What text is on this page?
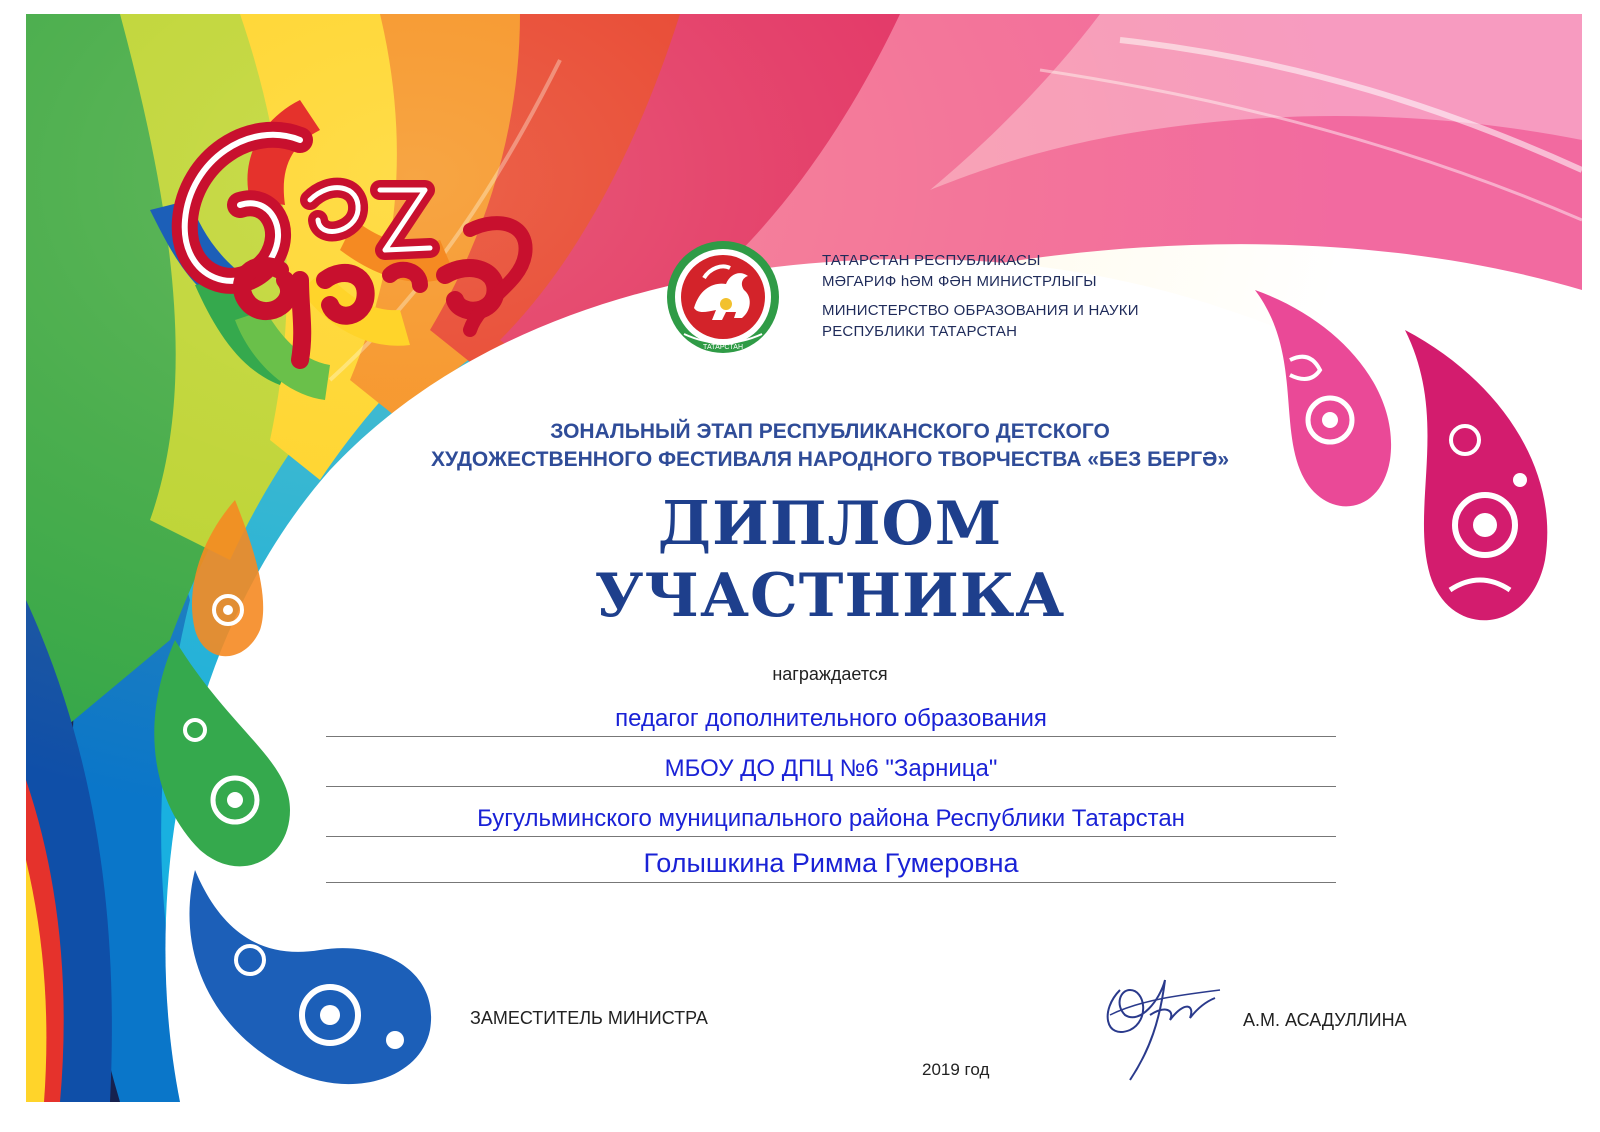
ТАТАРСТАН
ТАТАРСТАН РЕСПУБЛИКАСЫ
МӘГАРИФ һӘМ ФӘН МИНИСТРЛЫГЫ
МИНИСТЕРСТВО ОБРАЗОВАНИЯ И НАУКИ
РЕСПУБЛИКИ ТАТАРСТАН
ЗОНАЛЬНЫЙ ЭТАП РЕСПУБЛИКАНСКОГО ДЕТСКОГО
ХУДОЖЕСТВЕННОГО ФЕСТИВАЛЯ НАРОДНОГО ТВОРЧЕСТВА «БЕЗ БЕРГӘ»
ДИПЛОМ
УЧАСТНИКА
награждается
педагог дополнительного образования
МБОУ ДО ДПЦ №6 "Зарница"
Бугульминского муниципального района Республики Татарстан
Голышкина Римма Гумеровна
ЗАМЕСТИТЕЛЬ МИНИСТРА	А.М. АСАДУЛЛИНА
2019 год
